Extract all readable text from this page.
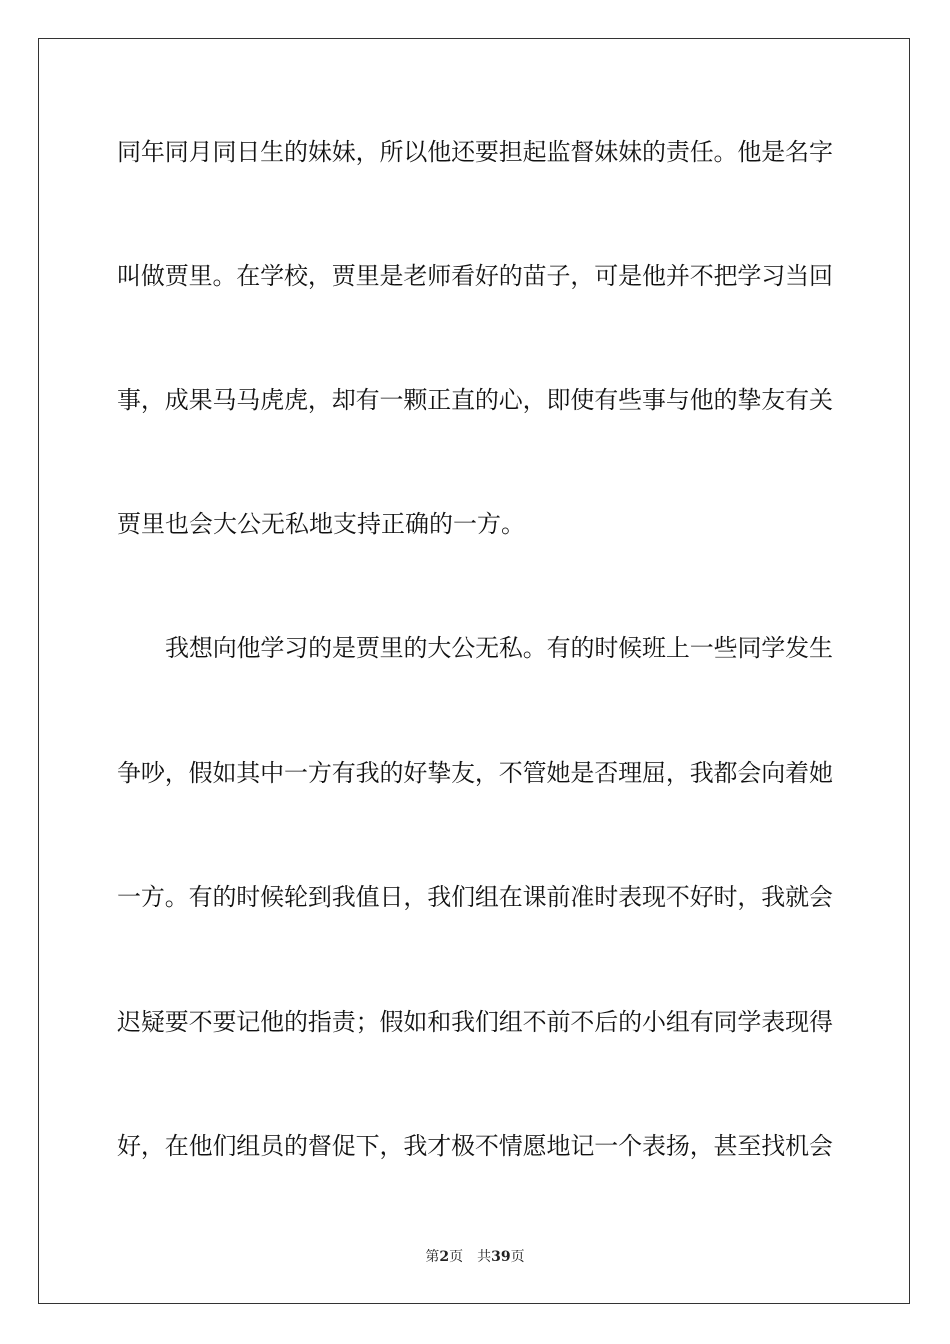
同年同月同日生的妹妹，所以他还要担起监督妹妹的责任。他是名字
叫做贾里。在学校，贾里是老师看好的苗子，可是他并不把学习当回
事，成果马马虎虎，却有一颗正直的心，即使有些事与他的挚友有关
贾里也会大公无私地支持正确的一方。
我想向他学习的是贾里的大公无私。有的时候班上一些同学发生
争吵，假如其中一方有我的好挚友，不管她是否理屈，我都会向着她
一方。有的时候轮到我值日，我们组在课前准时表现不好时，我就会
迟疑要不要记他的指责；假如和我们组不前不后的小组有同学表现得
好，在他们组员的督促下，我才极不情愿地记一个表扬，甚至找机会
第2页 共39页
